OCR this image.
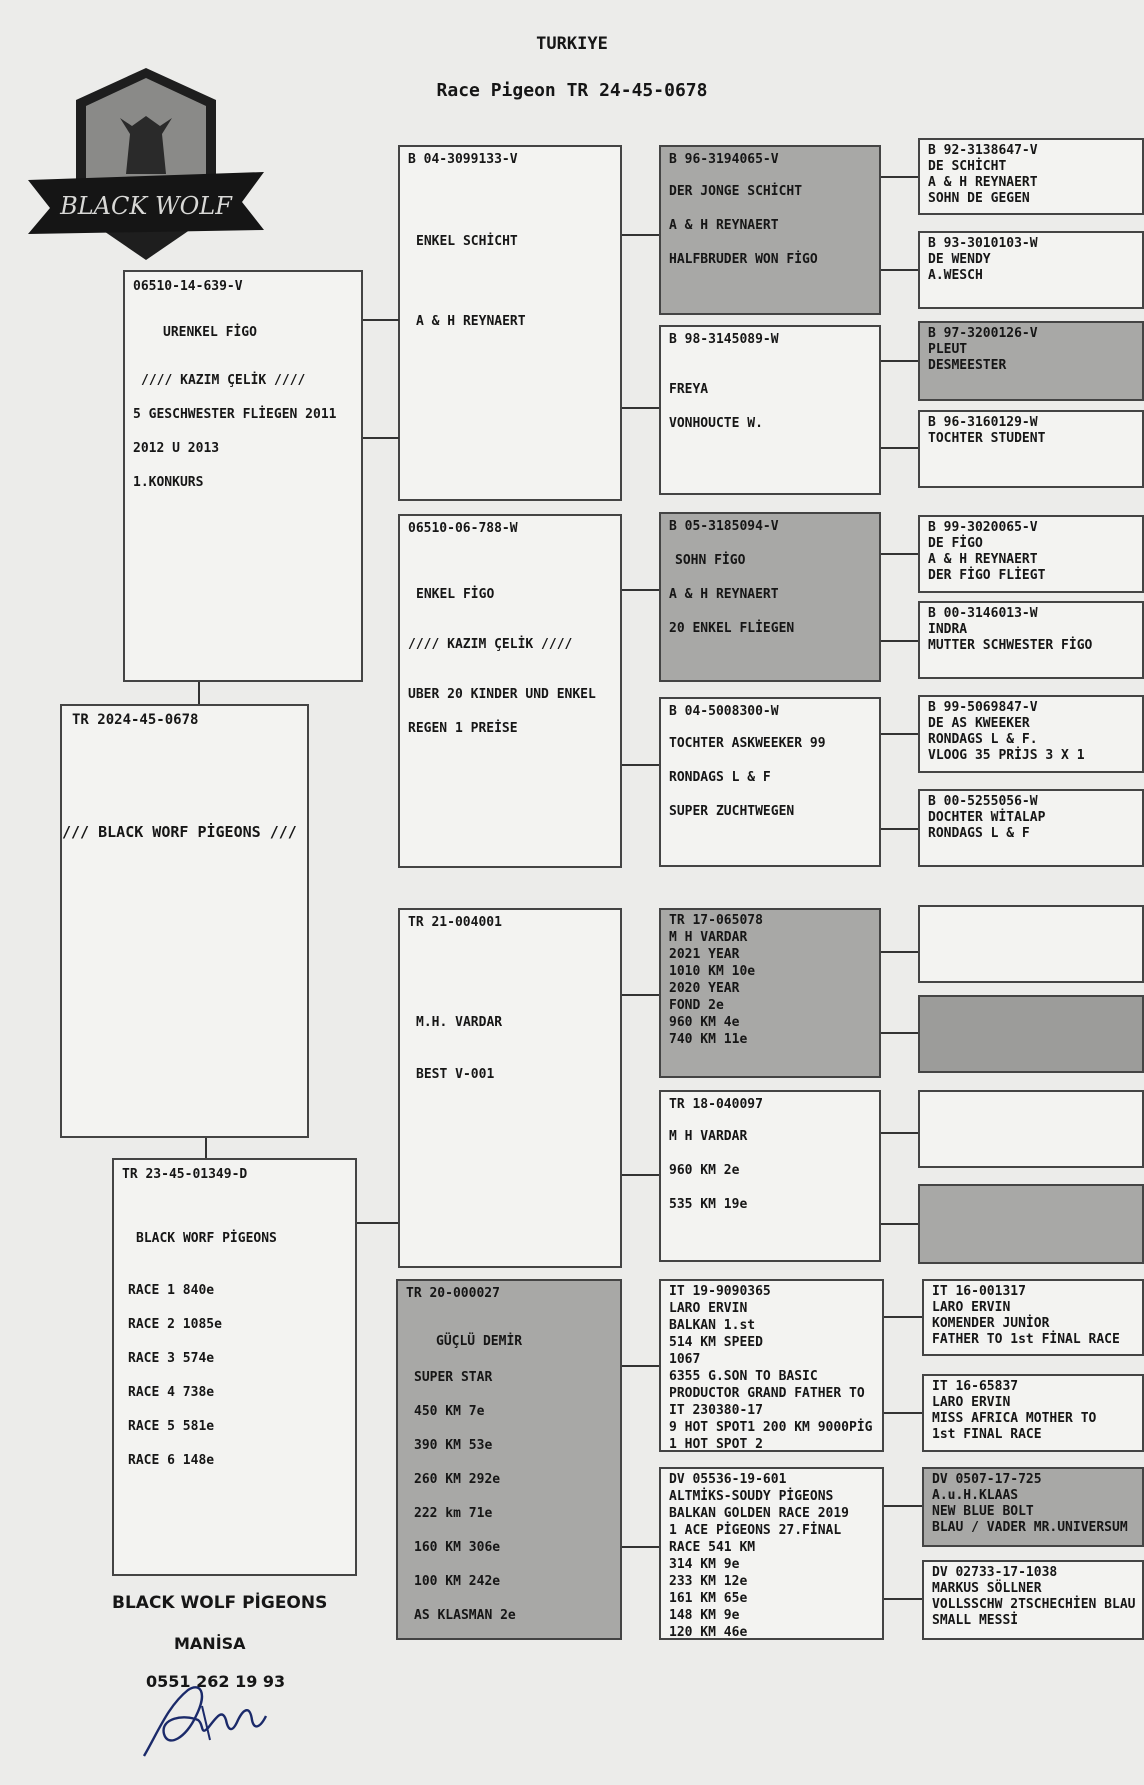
TURKIYE
Race Pigeon TR 24-45-0678
BLACK WOLF
06510-14-639-V
URENKEL FİGO
//// KAZIM ÇELİK ////
5 GESCHWESTER FLİEGEN 2011
2012 U 2013
1.KONKURS
TR 2024-45-0678
/// BLACK WORF PİGEONS ///
TR 23-45-01349-D
BLACK WORF PİGEONS
RACE 1 840e
RACE 2 1085e
RACE 3 574e
RACE 4 738e
RACE 5 581e
RACE 6 148e
B 04-3099133-V
ENKEL SCHİCHT
A & H REYNAERT
06510-06-788-W
ENKEL FİGO
//// KAZIM ÇELİK ////
UBER 20 KINDER UND ENKEL
REGEN 1 PREİSE
TR 21-004001
M.H. VARDAR
BEST V-001
TR 20-000027
GÜÇLÜ DEMİR
SUPER STAR
450 KM 7e
390 KM 53e
260 KM 292e
222 km 71e
160 KM 306e
100 KM 242e
AS KLASMAN 2e
B 96-3194065-V
DER JONGE SCHİCHT
A & H REYNAERT
HALFBRUDER WON FİGO
B 98-3145089-W
FREYA
VONHOUCTE W.
B 05-3185094-V
SOHN FİGO
A & H REYNAERT
20 ENKEL FLİEGEN
B 04-5008300-W
TOCHTER ASKWEEKER 99
RONDAGS L & F
SUPER ZUCHTWEGEN
TR 17-065078
M H VARDAR
2021 YEAR
1010 KM 10e
2020 YEAR
FOND 2e
960 KM 4e
740 KM 11e
TR 18-040097
M H VARDAR
960 KM 2e
535 KM 19e
IT 19-9090365
LARO ERVIN
BALKAN 1.st
514 KM SPEED
1067
6355 G.SON TO BASIC
PRODUCTOR GRAND FATHER TO
IT 230380-17
9 HOT SPOT1 200 KM 9000PİG
1 HOT SPOT 2
DV 05536-19-601
ALTMİKS-SOUDY PİGEONS
BALKAN GOLDEN RACE 2019
1 ACE PİGEONS 27.FİNAL
RACE 541 KM
314 KM 9e
233 KM 12e
161 KM 65e
148 KM 9e
120 KM 46e
B 92-3138647-V
DE SCHİCHT
A & H REYNAERT
SOHN DE GEGEN
B 93-3010103-W
DE WENDY
A.WESCH
B 97-3200126-V
PLEUT
DESMEESTER
B 96-3160129-W
TOCHTER STUDENT
B 99-3020065-V
DE FİGO
A & H REYNAERT
DER FİGO FLİEGT
B 00-3146013-W
INDRA
MUTTER SCHWESTER FİGO
B 99-5069847-V
DE AS KWEEKER
RONDAGS L & F.
VLOOG 35 PRİJS 3 X 1
B 00-5255056-W
DOCHTER WİTALAP
RONDAGS L & F
IT 16-001317
LARO ERVIN
KOMENDER JUNİOR
FATHER TO 1st FİNAL RACE
IT 16-65837
LARO ERVIN
MISS AFRICA MOTHER TO
1st FINAL RACE
DV 0507-17-725
A.u.H.KLAAS
NEW BLUE BOLT
BLAU / VADER MR.UNIVERSUM
DV 02733-17-1038
MARKUS SÖLLNER
VOLLSSCHW 2TSCHECHİEN BLAU
SMALL MESSİ
BLACK WOLF PİGEONS
MANİSA
0551 262 19 93
